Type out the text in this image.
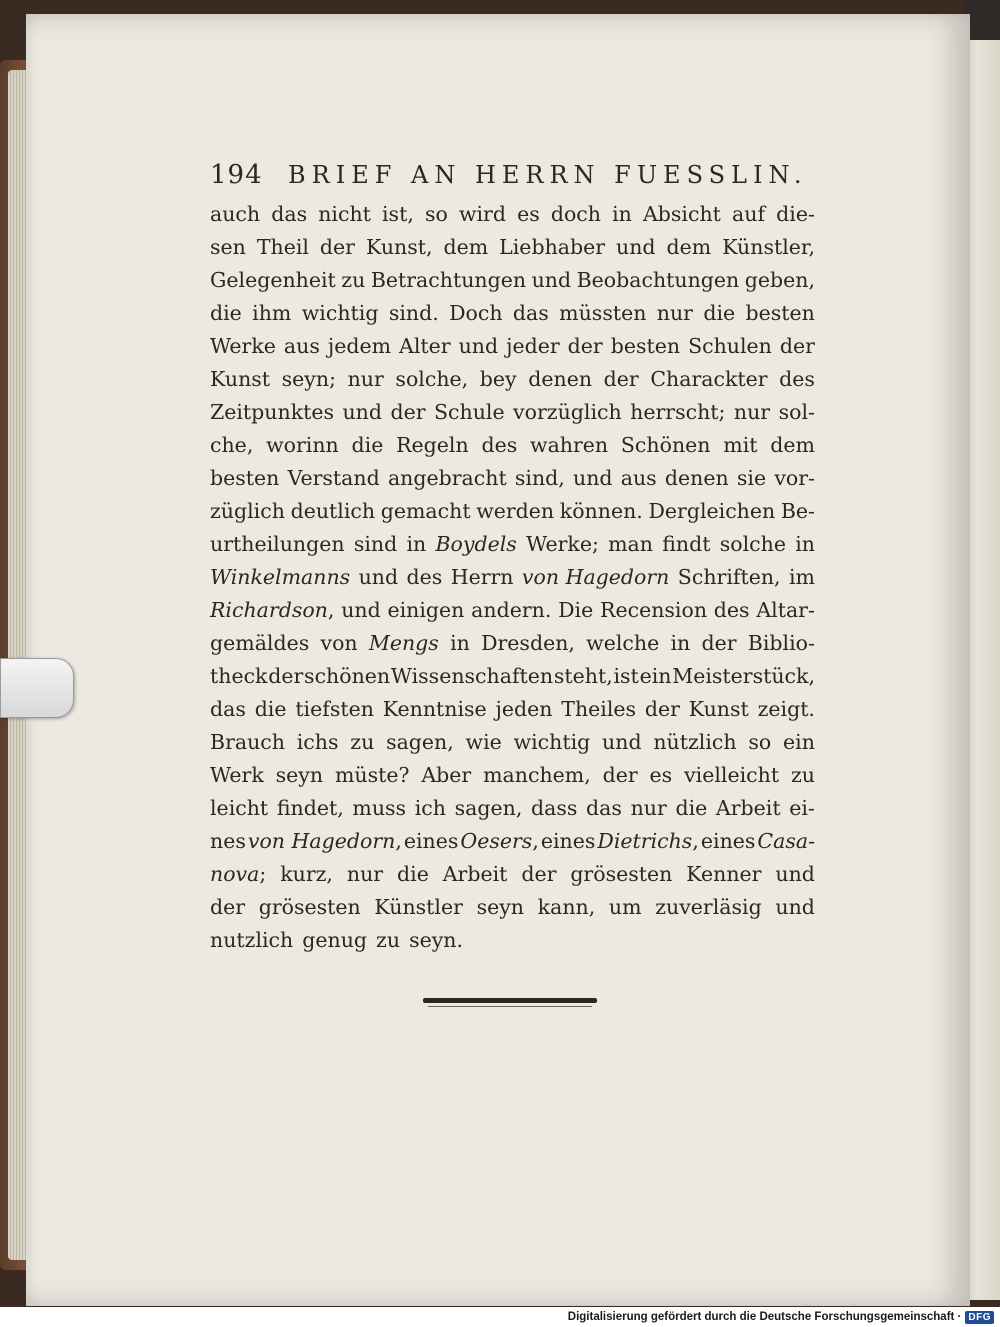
194	BRIEF AN HERRN FUESSLIN.
auch das nicht ist, so wird es doch in Absicht auf die-
sen Theil der Kunst, dem Liebhaber und dem Künstler,
Gelegenheit zu Betrachtungen und Beobachtungen geben,
die ihm wichtig sind. Doch das müssten nur die besten
Werke aus jedem Alter und jeder der besten Schulen der
Kunst seyn; nur solche, bey denen der Charackter des
Zeitpunktes und der Schule vorzüglich herrscht; nur sol-
che, worinn die Regeln des wahren Schönen mit dem
besten Verstand angebracht sind, und aus denen sie vor-
züglich deutlich gemacht werden können. Dergleichen Be-
urtheilungen sind in Boydels Werke; man findt solche in
Winkelmanns und des Herrn von Hagedorn Schriften, im
Richardson, und einigen andern. Die Recension des Altar-
gemäldes von Mengs in Dresden, welche in der Biblio-
theck der schönen Wissenschaften steht, ist ein Meisterstück,
das die tiefsten Kenntnise jeden Theiles der Kunst zeigt.
Brauch ichs zu sagen, wie wichtig und nützlich so ein
Werk seyn müste? Aber manchem, der es vielleicht zu
leicht findet, muss ich sagen, dass das nur die Arbeit ei-
nes von Hagedorn, eines Oesers, eines Dietrichs, eines Casa-
nova; kurz, nur die Arbeit der grösesten Kenner und
der grösesten Künstler seyn kann, um zuverläsig und
nutzlich genug zu seyn.
Digitalisierung gefördert durch die Deutsche Forschungsgemeinschaft · DFG
